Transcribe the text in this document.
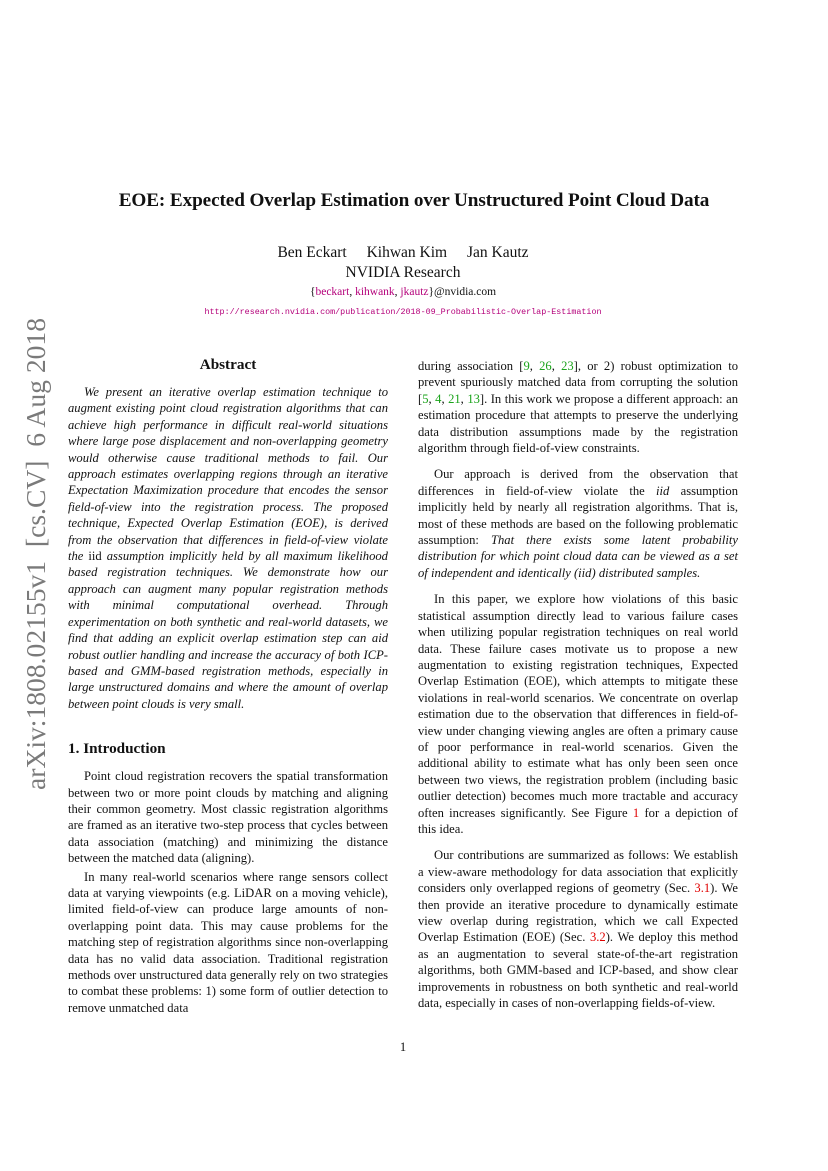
arXiv:1808.02155v1  [cs.CV]  6 Aug 2018
EOE: Expected Overlap Estimation over Unstructured Point Cloud Data
Ben Eckart Kihwan Kim Jan Kautz
NVIDIA Research
{beckart, kihwank, jkautz}@nvidia.com
http://research.nvidia.com/publication/2018-09_Probabilistic-Overlap-Estimation
Abstract

We present an iterative overlap estimation technique to augment existing point cloud registration algorithms that can achieve high performance in difficult real-world situations where large pose displacement and non-overlapping geometry would otherwise cause traditional methods to fail. Our approach estimates overlapping regions through an iterative Expectation Maximization procedure that encodes the sensor field-of-view into the registration process. The proposed technique, Expected Overlap Estimation (EOE), is derived from the observation that differences in field-of-view violate the iid assumption implicitly held by all maximum likelihood based registration techniques. We demonstrate how our approach can augment many popular registration methods with minimal computational overhead. Through experimentation on both synthetic and real-world datasets, we find that adding an explicit overlap estimation step can aid robust outlier handling and increase the accuracy of both ICP-based and GMM-based registration methods, especially in large unstructured domains and where the amount of overlap between point clouds is very small.

1. Introduction

Point cloud registration recovers the spatial transformation between two or more point clouds by matching and aligning their common geometry. Most classic registration algorithms are framed as an iterative two-step process that cycles between data association (matching) and minimizing the distance between the matched data (aligning).

In many real-world scenarios where range sensors collect data at varying viewpoints (e.g. LiDAR on a moving vehicle), limited field-of-view can produce large amounts of non-overlapping point data. This may cause problems for the matching step of registration algorithms since non-overlapping data has no valid data association. Traditional registration methods over unstructured data generally rely on two strategies to combat these problems: 1) some form of outlier detection to remove unmatched data

during association [9, 26, 23], or 2) robust optimization to prevent spuriously matched data from corrupting the solution [5, 4, 21, 13]. In this work we propose a different approach: an estimation procedure that attempts to preserve the underlying data distribution assumptions made by the registration algorithm through field-of-view constraints.

Our approach is derived from the observation that differences in field-of-view violate the iid assumption implicitly held by nearly all registration algorithms. That is, most of these methods are based on the following problematic assumption: That there exists some latent probability distribution for which point cloud data can be viewed as a set of independent and identically (iid) distributed samples.

In this paper, we explore how violations of this basic statistical assumption directly lead to various failure cases when utilizing popular registration techniques on real world data. These failure cases motivate us to propose a new augmentation to existing registration techniques, Expected Overlap Estimation (EOE), which attempts to mitigate these violations in real-world scenarios. We concentrate on overlap estimation due to the observation that differences in field-of-view under changing viewing angles are often a primary cause of poor performance in real-world scenarios. Given the additional ability to estimate what has only been seen once between two views, the registration problem (including basic outlier detection) becomes much more tractable and accuracy often increases significantly. See Figure 1 for a depiction of this idea.

Our contributions are summarized as follows: We establish a view-aware methodology for data association that explicitly considers only overlapped regions of geometry (Sec. 3.1). We then provide an iterative procedure to dynamically estimate view overlap during registration, which we call Expected Overlap Estimation (EOE) (Sec. 3.2). We deploy this method as an augmentation to several state-of-the-art registration algorithms, both GMM-based and ICP-based, and show clear improvements in robustness on both synthetic and real-world data, especially in cases of non-overlapping fields-of-view.

1
